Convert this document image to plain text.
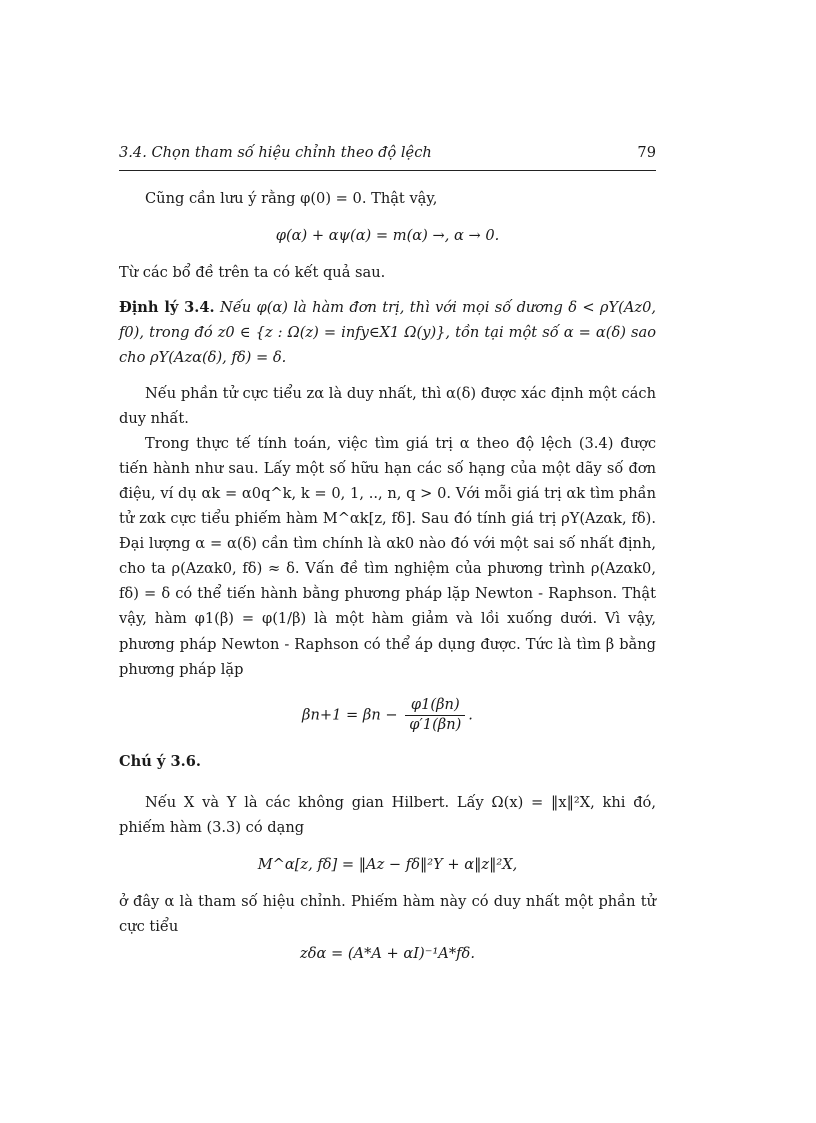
3.4. Chọn tham số hiệu chỉnh theo độ lệch	79

Cũng cần lưu ý rằng φ(0) = 0. Thật vậy,

φ(α) + αψ(α) = m(α) →, α → 0.

Từ các bổ đề trên ta có kết quả sau.

Định lý 3.4. Nếu φ(α) là hàm đơn trị, thì với mọi số dương δ < ρY(Az0, f0), trong đó z0 ∈ {z : Ω(z) = infy∈X1 Ω(y)}, tồn tại một số α = α(δ) sao cho ρY(Azα(δ), fδ) = δ.

Nếu phần tử cực tiểu zα là duy nhất, thì α(δ) được xác định một cách duy nhất.

Trong thực tế tính toán, việc tìm giá trị α theo độ lệch (3.4) được tiến hành như sau. Lấy một số hữu hạn các số hạng của một dãy số đơn điệu, ví dụ αk = α0q^k, k = 0, 1, .., n, q > 0. Với mỗi giá trị αk tìm phần tử zαk cực tiểu phiếm hàm M^αk[z, fδ]. Sau đó tính giá trị ρY(Azαk, fδ). Đại lượng α = α(δ) cần tìm chính là αk0 nào đó với một sai số nhất định, cho ta ρ(Azαk0, fδ) ≈ δ. Vấn đề tìm nghiệm của phương trình ρ(Azαk0, fδ) = δ có thể tiến hành bằng phương pháp lặp Newton - Raphson. Thật vậy, hàm φ1(β) = φ(1/β) là một hàm giảm và lồi xuống dưới. Vì vậy, phương pháp Newton - Raphson có thể áp dụng được. Tức là tìm β bằng phương pháp lặp

$\beta n+1 = \beta n - \frac{\varphi 1(\beta n)}{\varphi'1(\beta n)}$ .

Chú ý 3.6.

Nếu X và Y là các không gian Hilbert. Lấy Ω(x) = ‖x‖²X, khi đó, phiếm hàm (3.3) có dạng

M^α[z, fδ] = ‖Az − fδ‖²Y + α‖z‖²X,

ở đây α là tham số hiệu chỉnh. Phiếm hàm này có duy nhất một phần tử cực tiểu

zδα = (A*A + αI)⁻¹A*fδ.
